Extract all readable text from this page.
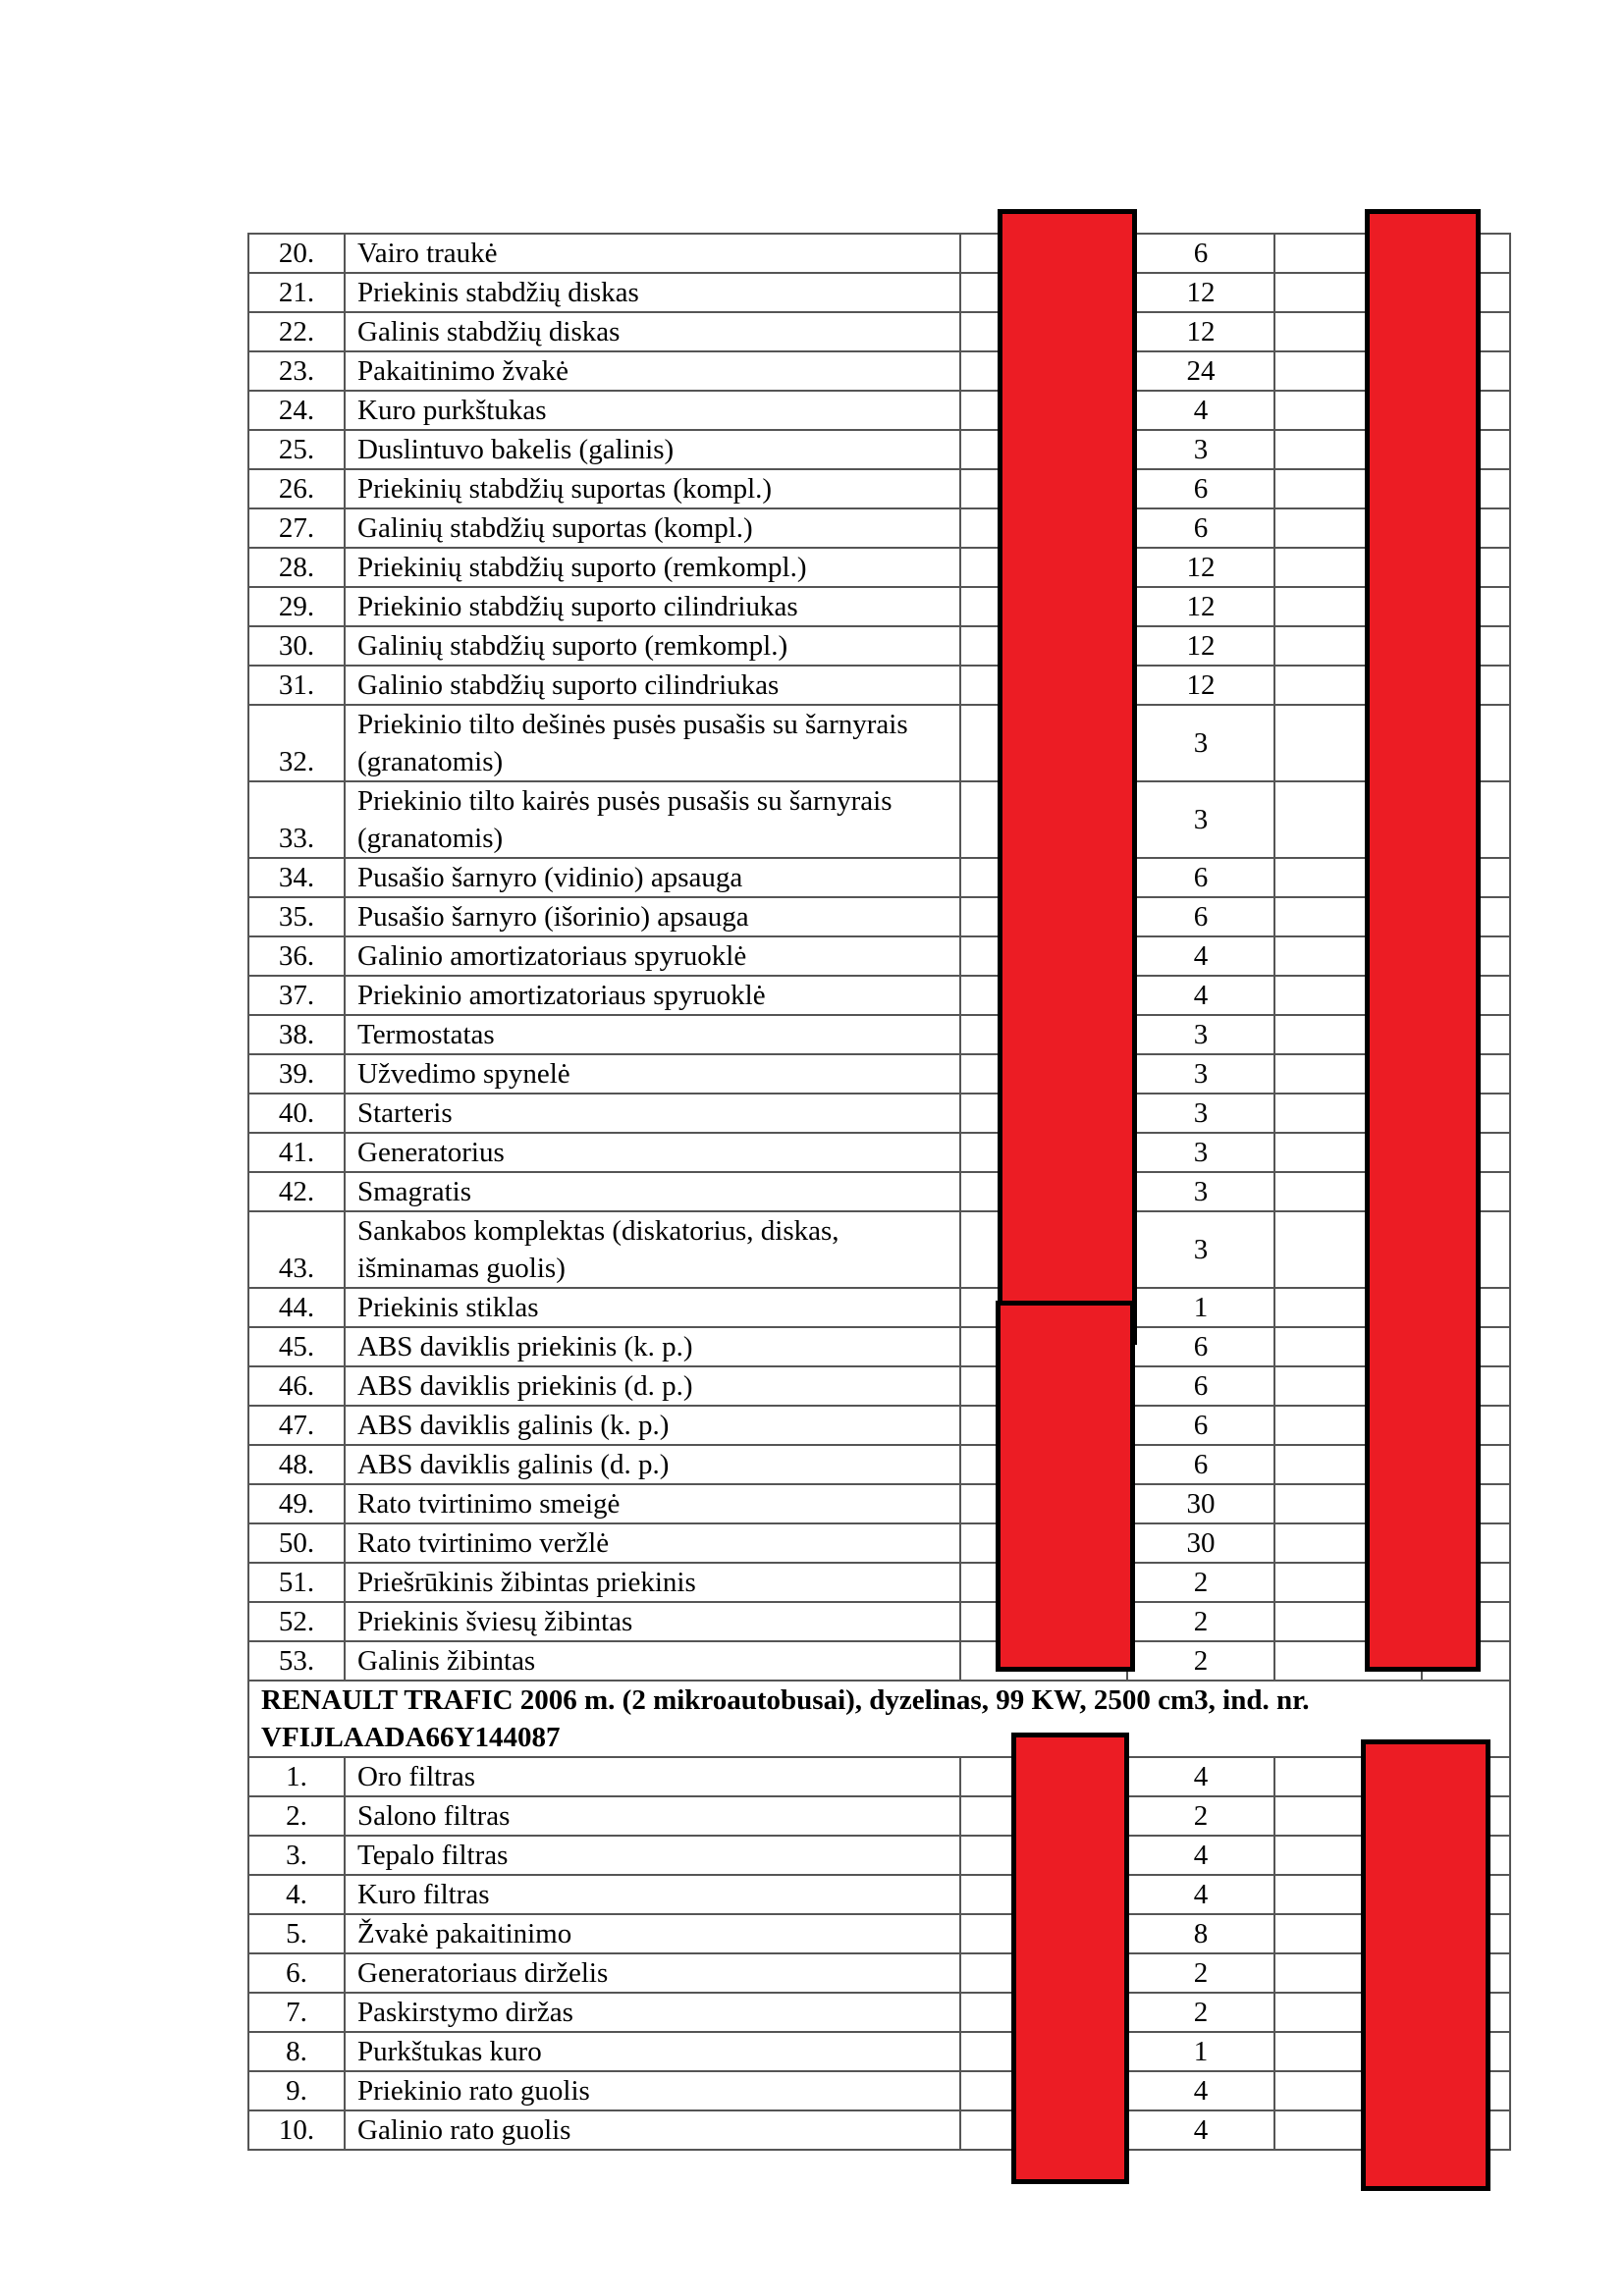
20.	Vairo traukė		6		
21.	Priekinis stabdžių diskas		12		
22.	Galinis stabdžių diskas		12		
23.	Pakaitinimo žvakė		24		
24.	Kuro purkštukas		4		
25.	Duslintuvo bakelis (galinis)		3		
26.	Priekinių stabdžių suportas (kompl.)		6		
27.	Galinių stabdžių suportas (kompl.)		6		
28.	Priekinių stabdžių suporto (remkompl.)		12		
29.	Priekinio stabdžių suporto cilindriukas		12		
30.	Galinių stabdžių suporto (remkompl.)		12		
31.	Galinio stabdžių suporto cilindriukas		12		
32.	Priekinio tilto dešinės pusės pusašis su šarnyrais (granatomis)		3		
33.	Priekinio tilto kairės pusės pusašis su šarnyrais (granatomis)		3		
34.	Pusašio šarnyro (vidinio) apsauga		6		
35.	Pusašio šarnyro (išorinio) apsauga		6		
36.	Galinio amortizatoriaus spyruoklė		4		
37.	Priekinio amortizatoriaus spyruoklė		4		
38.	Termostatas		3		
39.	Užvedimo spynelė		3		
40.	Starteris		3		
41.	Generatorius		3		
42.	Smagratis		3		
43.	Sankabos komplektas (diskatorius, diskas, išminamas guolis)		3		
44.	Priekinis stiklas		1		
45.	ABS daviklis priekinis (k. p.)		6		
46.	ABS daviklis priekinis (d. p.)		6		
47.	ABS daviklis galinis (k. p.)		6		
48.	ABS daviklis galinis (d. p.)		6		
49.	Rato tvirtinimo smeigė		30		
50.	Rato tvirtinimo veržlė		30		
51.	Priešrūkinis žibintas priekinis		2		
52.	Priekinis šviesų žibintas		2		
53.	Galinis žibintas		2		
RENAULT TRAFIC 2006 m. (2 mikroautobusai), dyzelinas, 99 KW, 2500 cm3, ind. nr. VFIJLAADA66Y144087					
1.	Oro filtras		4		
2.	Salono filtras		2		
3.	Tepalo filtras		4		
4.	Kuro filtras		4		
5.	Žvakė pakaitinimo		8		
6.	Generatoriaus dirželis		2		
7.	Paskirstymo diržas		2		
8.	Purkštukas kuro		1		
9.	Priekinio rato guolis		4		
10.	Galinio rato guolis		4		
